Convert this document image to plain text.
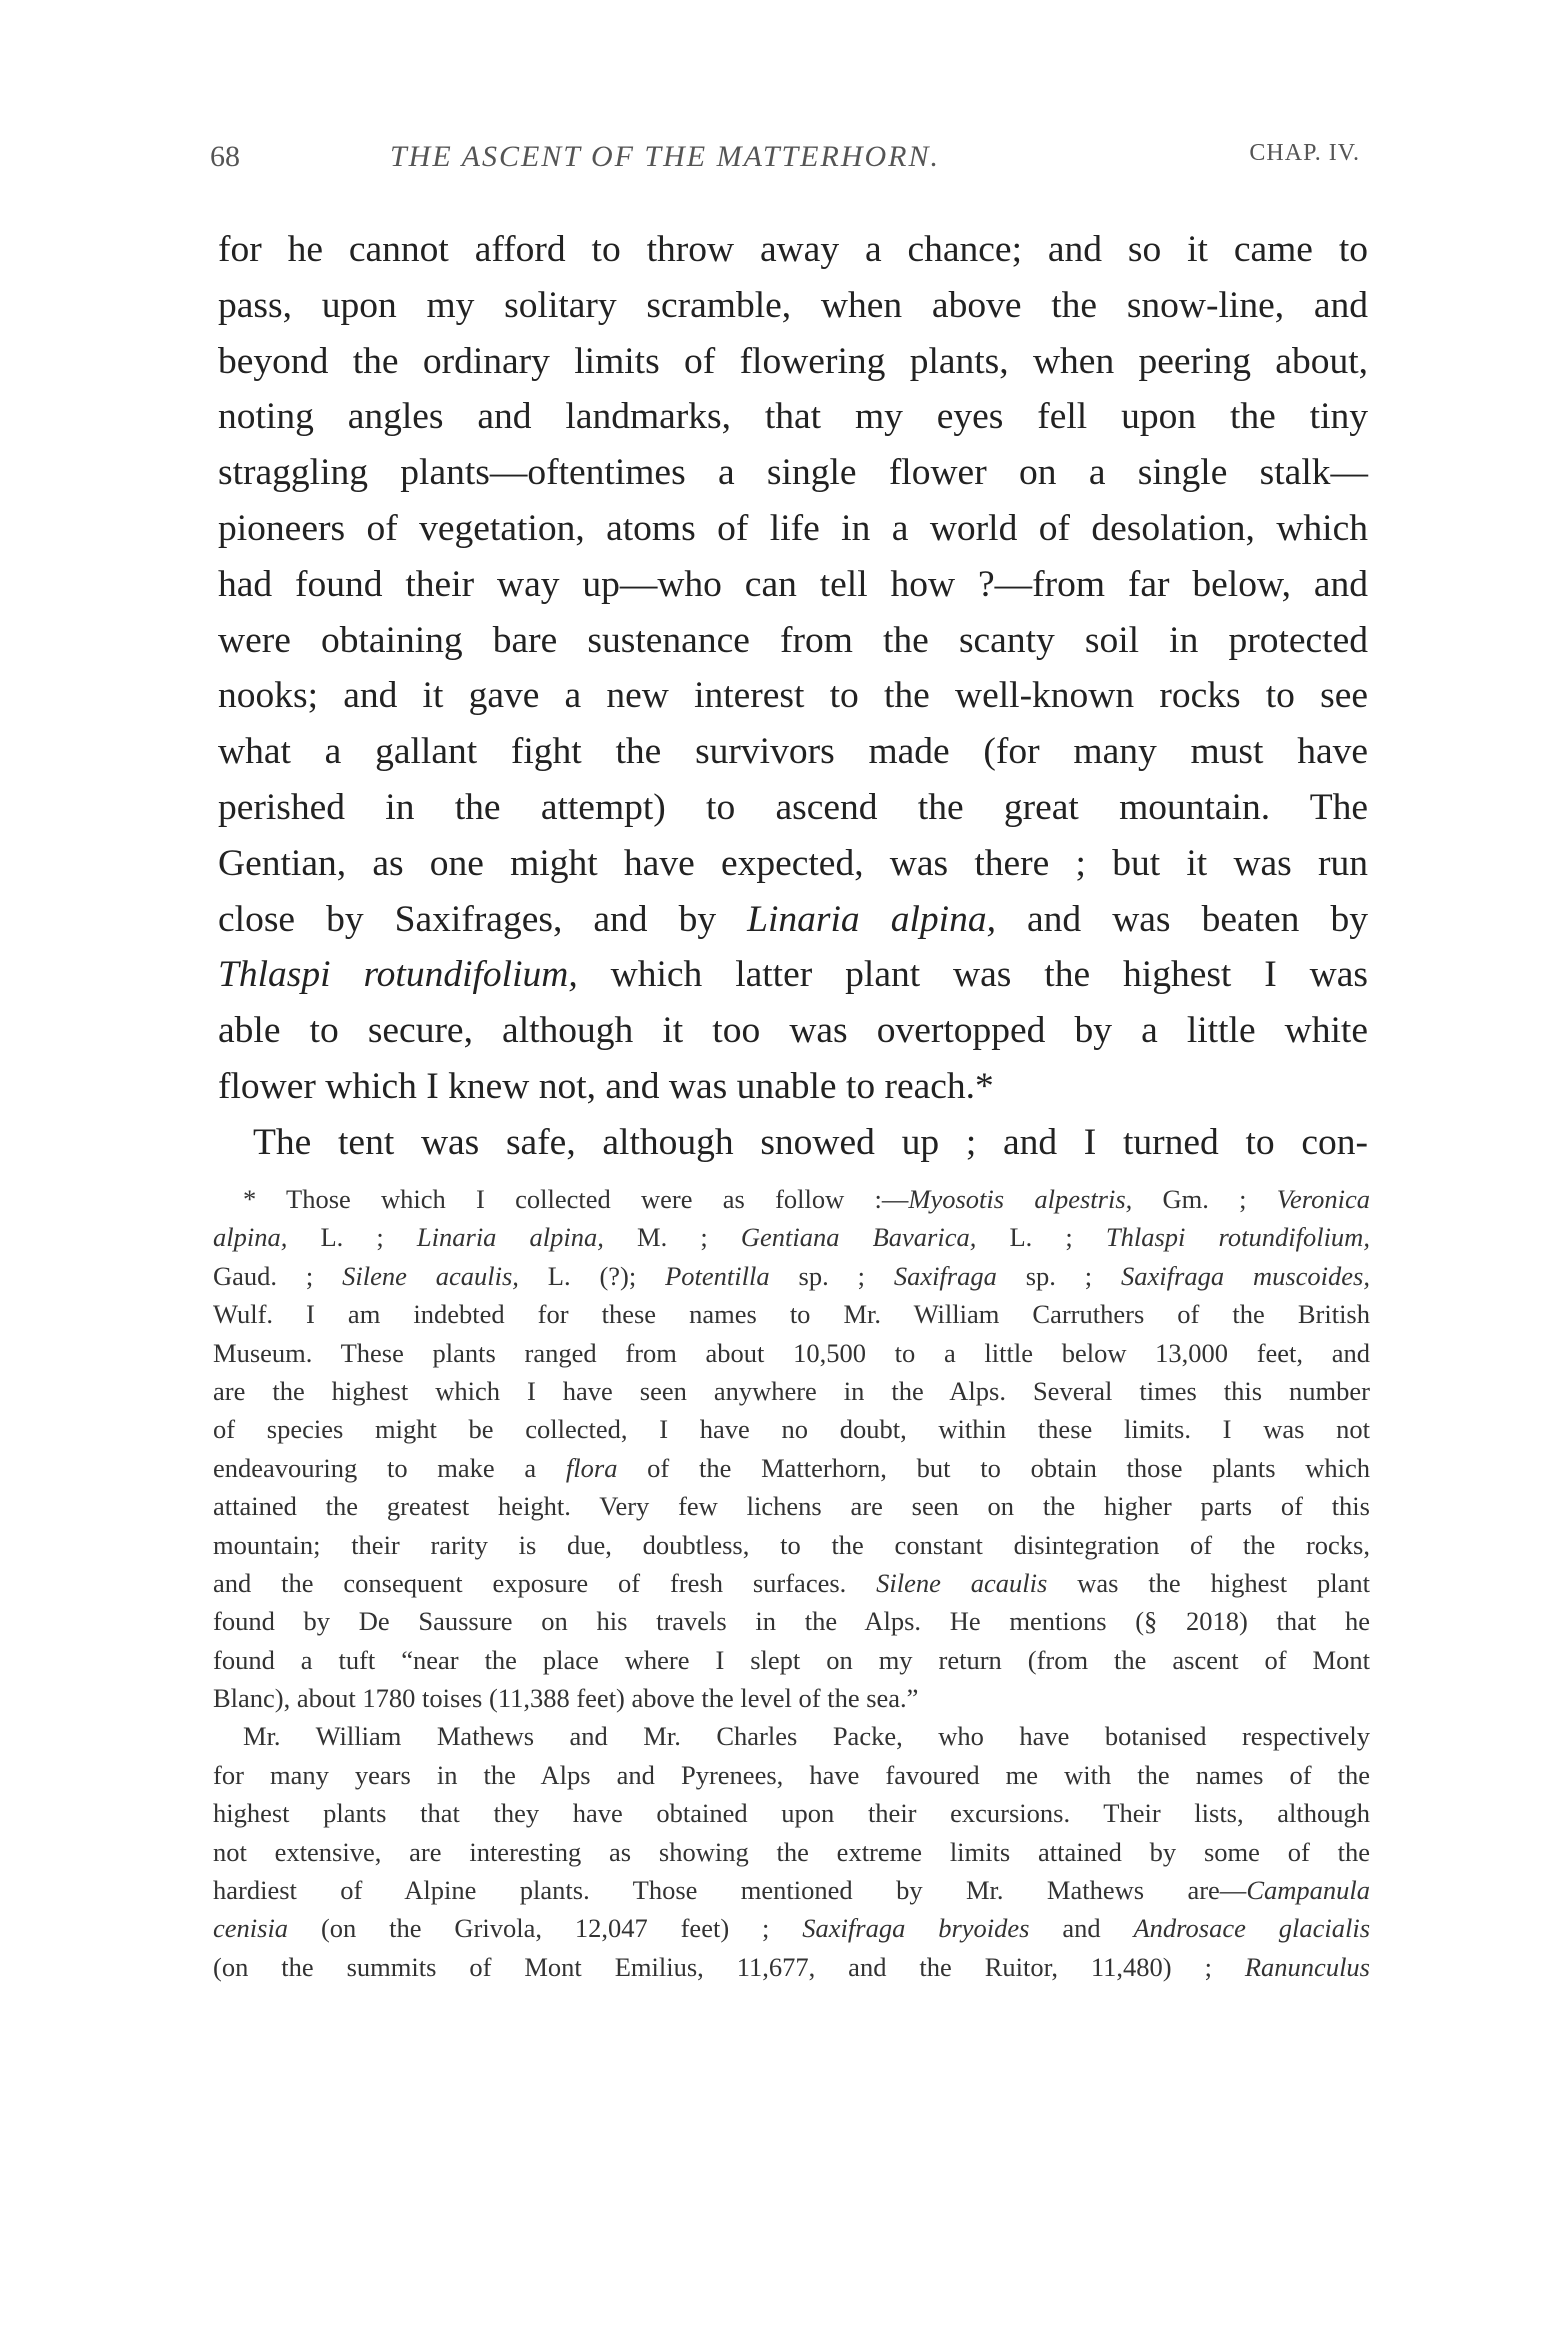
68	THE ASCENT OF THE MATTERHORN.	CHAP. IV.
for he cannot afford to throw away a chance; and so it came to
pass, upon my solitary scramble, when above the snow-line, and
beyond the ordinary limits of flowering plants, when peering about,
noting angles and landmarks, that my eyes fell upon the tiny
straggling plants—oftentimes a single flower on a single stalk—
pioneers of vegetation, atoms of life in a world of desolation, which
had found their way up—who can tell how ?—from far below, and
were obtaining bare sustenance from the scanty soil in protected
nooks; and it gave a new interest to the well-known rocks to see
what a gallant fight the survivors made (for many must have
perished in the attempt) to ascend the great mountain. The
Gentian, as one might have expected, was there ; but it was run
close by Saxifrages, and by Linaria alpina, and was beaten by
Thlaspi rotundifolium, which latter plant was the highest I was
able to secure, although it too was overtopped by a little white
flower which I knew not, and was unable to reach.*
The tent was safe, although snowed up ; and I turned to con-
* Those which I collected were as follow :—Myosotis alpestris, Gm. ; Veronica
alpina, L. ; Linaria alpina, M. ; Gentiana Bavarica, L. ; Thlaspi rotundifolium,
Gaud. ; Silene acaulis, L. (?); Potentilla sp. ; Saxifraga sp. ; Saxifraga muscoides,
Wulf. I am indebted for these names to Mr. William Carruthers of the British
Museum. These plants ranged from about 10,500 to a little below 13,000 feet, and
are the highest which I have seen anywhere in the Alps. Several times this number
of species might be collected, I have no doubt, within these limits. I was not
endeavouring to make a flora of the Matterhorn, but to obtain those plants which
attained the greatest height. Very few lichens are seen on the higher parts of this
mountain; their rarity is due, doubtless, to the constant disintegration of the rocks,
and the consequent exposure of fresh surfaces. Silene acaulis was the highest plant
found by De Saussure on his travels in the Alps. He mentions (§ 2018) that he
found a tuft “near the place where I slept on my return (from the ascent of Mont
Blanc), about 1780 toises (11,388 feet) above the level of the sea.”
Mr. William Mathews and Mr. Charles Packe, who have botanised respectively
for many years in the Alps and Pyrenees, have favoured me with the names of the
highest plants that they have obtained upon their excursions. Their lists, although
not extensive, are interesting as showing the extreme limits attained by some of the
hardiest of Alpine plants. Those mentioned by Mr. Mathews are—Campanula
cenisia (on the Grivola, 12,047 feet) ; Saxifraga bryoides and Androsace glacialis
(on the summits of Mont Emilius, 11,677, and the Ruitor, 11,480) ; Ranunculus
